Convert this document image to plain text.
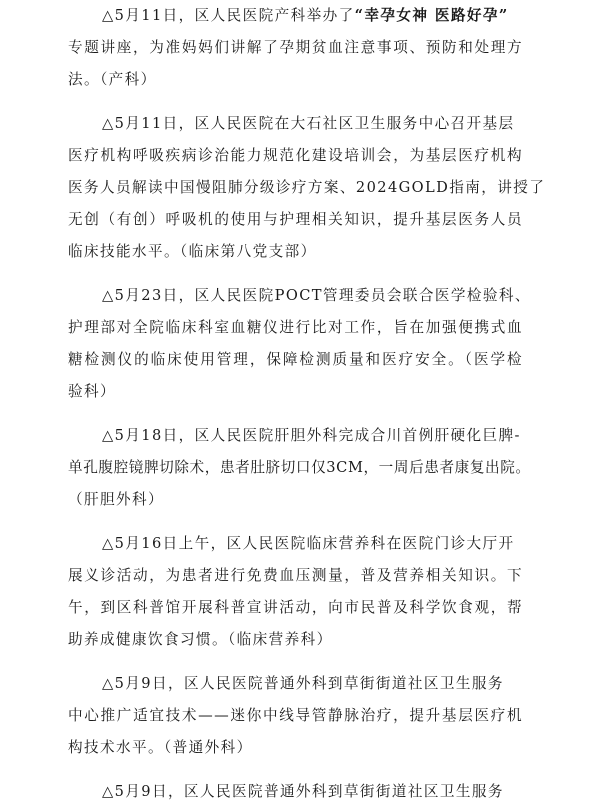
△5月11日，区人民医院产科举办了“幸孕女神 医路好孕”
专题讲座，为准妈妈们讲解了孕期贫血注意事项、预防和处理方
法。（产科）
△5月11日，区人民医院在大石社区卫生服务中心召开基层
医疗机构呼吸疾病诊治能力规范化建设培训会，为基层医疗机构
医务人员解读中国慢阻肺分级诊疗方案、2024GOLD指南，讲授了
无创（有创）呼吸机的使用与护理相关知识，提升基层医务人员
临床技能水平。（临床第八党支部）
△5月23日，区人民医院POCT管理委员会联合医学检验科、
护理部对全院临床科室血糖仪进行比对工作，旨在加强便携式血
糖检测仪的临床使用管理，保障检测质量和医疗安全。（医学检
验科）
△5月18日，区人民医院肝胆外科完成合川首例肝硬化巨脾-
单孔腹腔镜脾切除术，患者肚脐切口仅3CM，一周后患者康复出院。
（肝胆外科）
△5月16日上午，区人民医院临床营养科在医院门诊大厅开
展义诊活动，为患者进行免费血压测量，普及营养相关知识。下
午，到区科普馆开展科普宣讲活动，向市民普及科学饮食观，帮
助养成健康饮食习惯。（临床营养科）
△5月9日，区人民医院普通外科到草街街道社区卫生服务
中心推广适宜技术——迷你中线导管静脉治疗，提升基层医疗机
构技术水平。（普通外科）
△5月9日，区人民医院普通外科到草街街道社区卫生服务
